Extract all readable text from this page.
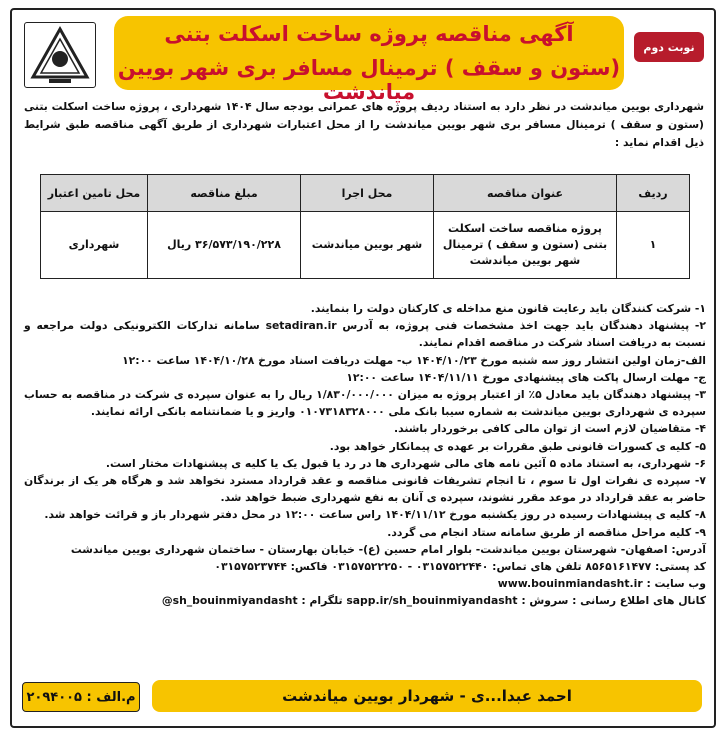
آگهی مناقصه پروژه ساخت اسکلت بتنی
(ستون و سقف ) ترمینال مسافر بری شهر بویین میاندشت
نوبت دوم
شهرداری بویین میاندشت در نظر دارد به استناد ردیف پروژه های عمرانی بودجه سال ۱۴۰۴ شهرداری ، پروژه ساخت اسکلت بتنی (ستون و سقف ) ترمینال مسافر بری شهر بویین میاندشت را از محل اعتبارات شهرداری از طریق آگهی مناقصه طبق شرایط ذیل اقدام نماید :
ردیف	عنوان مناقصه	محل اجرا	مبلغ مناقصه	محل تامین اعتبار
۱	پروژه مناقصه ساخت اسکلت بتنی (ستون و سقف ) ترمینال شهر بویین میاندشت	شهر بویین میاندشت	۳۶/۵۷۳/۱۹۰/۲۲۸ ریال	شهرداری

۱- شرکت کنندگان باید رعایت قانون منع مداخله ی کارکنان دولت را بنمایند.

۲- پیشنهاد دهندگان باید جهت اخذ مشخصات فنی پروژه، به آدرس setadiran.ir سامانه تدارکات الکترونیکی دولت مراجعه و نسبت به دریافت اسناد شرکت در مناقصه اقدام نمایند.

الف-زمان اولین انتشار روز سه شنبه مورخ ۱۴۰۴/۱۰/۲۳ ب- مهلت دریافت اسناد مورخ ۱۴۰۴/۱۰/۲۸ ساعت ۱۲:۰۰

ج- مهلت ارسال پاکت های پیشنهادی مورخ ۱۴۰۴/۱۱/۱۱ ساعت ۱۲:۰۰

۳- پیشنهاد دهندگان باید معادل ۵٪ از اعتبار پروژه به میزان ۱/۸۳۰/۰۰۰/۰۰۰ ریال را به عنوان سپرده ی شرکت در مناقصه به حساب سپرده ی شهرداری بویین میاندشت به شماره سیبا بانک ملی ۰۱۰۷۳۱۸۳۲۸۰۰۰ واریز و یا ضمانتنامه بانکی ارائه نمایند.

۴- متقاضیان لازم است از توان مالی کافی برخوردار باشند.

۵- کلیه ی کسورات قانونی طبق مقررات بر عهده ی پیمانکار خواهد بود.

۶- شهرداری، به استناد ماده ۵ آئین نامه های مالی شهرداری ها در رد یا قبول یک یا کلیه ی پیشنهادات مختار است.

۷- سپرده ی نفرات اول تا سوم ، تا انجام تشریفات قانونی مناقصه و عقد قرارداد مسترد نخواهد شد و هرگاه هر یک از برندگان حاضر به عقد قرارداد در موعد مقرر نشوند، سپرده ی آنان به نفع شهرداری ضبط خواهد شد.

۸- کلیه ی پیشنهادات رسیده در روز یکشنبه مورخ ۱۴۰۴/۱۱/۱۲ راس ساعت ۱۲:۰۰ در محل دفتر شهردار باز و قرائت خواهد شد.

۹- کلیه مراحل مناقصه از طریق سامانه ستاد انجام می گردد.

آدرس: اصفهان- شهرستان بویین میاندشت- بلوار امام حسین (ع)- خیابان بهارستان - ساختمان شهرداری بویین میاندشت

کد پستی: ۸۵۶۵۱۶۱۴۷۷ تلفن های تماس: ۰۳۱۵۷۵۲۲۴۴۰ - ۰۳۱۵۷۵۲۲۲۵۰ فاکس: ۰۳۱۵۷۵۲۳۷۴۴

وب سایت : www.bouinmiandasht.ir

کانال های اطلاع رسانی : سروش : sapp.ir/sh_bouinmiyandasht تلگرام : @sh_bouinmiyandasht

م.الف : ۲۰۹۴۰۰۵	احمد عبدا...ی - شهردار بویین میاندشت
